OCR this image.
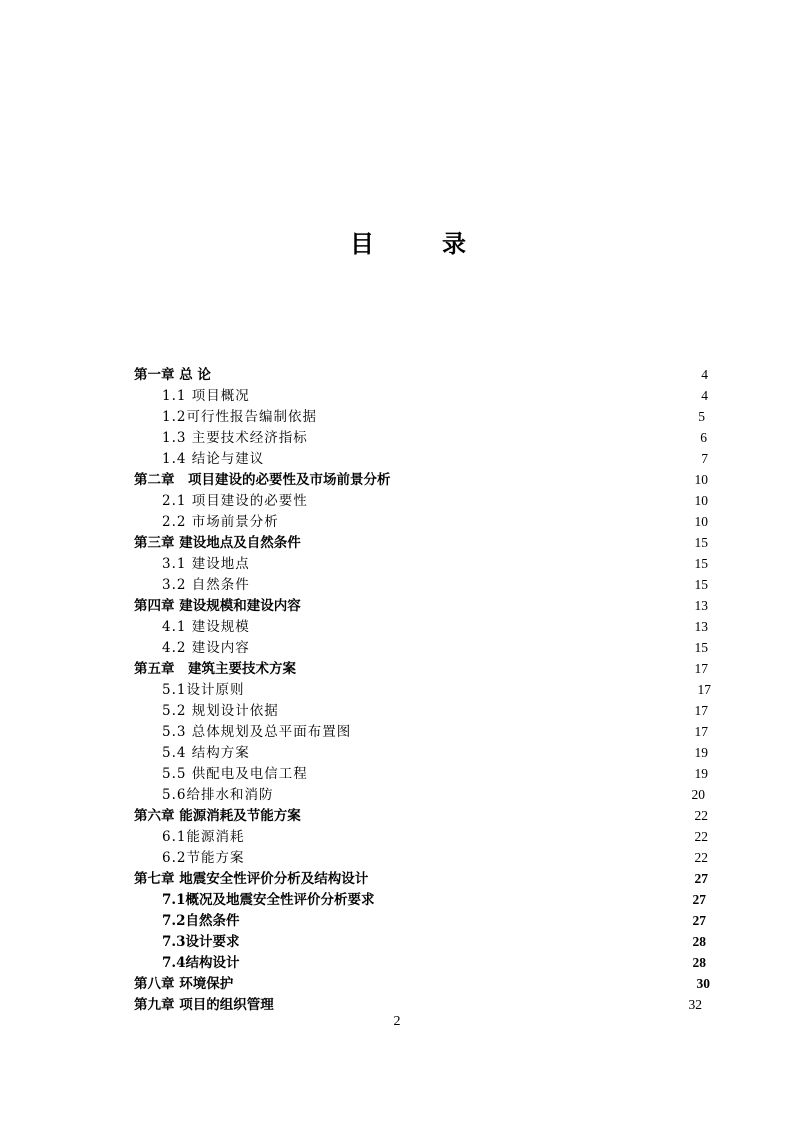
目　录
第一章 总 论	4
1.1 项目概况	4
1.2可行性报告编制依据	5
1.3 主要技术经济指标	6
1.4 结论与建议	7
第二章　项目建设的必要性及市场前景分析	10
2.1 项目建设的必要性	10
2.2 市场前景分析	10
第三章 建设地点及自然条件	15
3.1 建设地点	15
3.2 自然条件	15
第四章 建设规模和建设内容	13
4.1 建设规模	13
4.2 建设内容	15
第五章　建筑主要技术方案	17
5.1设计原则	17
5.2 规划设计依据	17
5.3 总体规划及总平面布置图	17
5.4 结构方案	19
5.5 供配电及电信工程	19
5.6给排水和消防	20
第六章 能源消耗及节能方案	22
6.1能源消耗	22
6.2节能方案	22
第七章 地震安全性评价分析及结构设计	27
7.1概况及地震安全性评价分析要求	27
7.2自然条件	27
7.3设计要求	28
7.4结构设计	28
第八章 环境保护	30
第九章 项目的组织管理	32
2
